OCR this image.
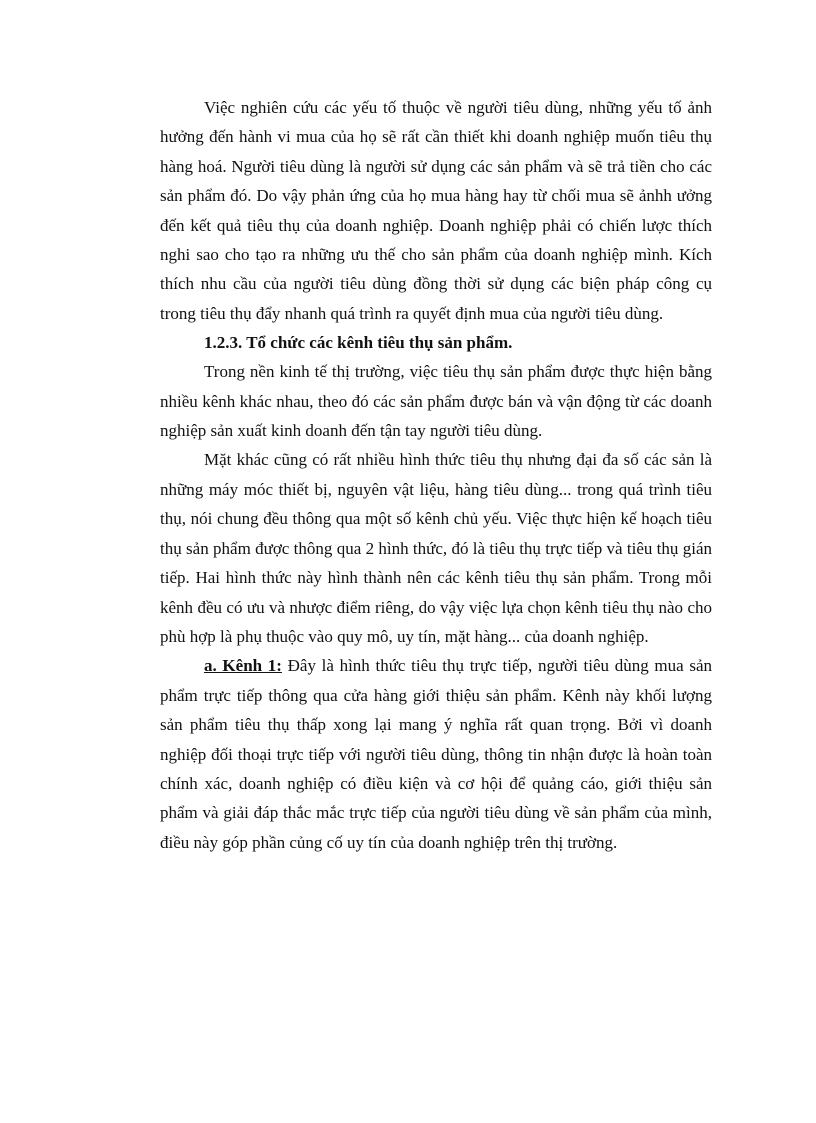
Việc nghiên cứu các yếu tố thuộc về người tiêu dùng, những yếu tố ảnh hưởng đến hành vi mua của họ sẽ rất cần thiết khi doanh nghiệp muốn tiêu thụ hàng hoá. Người tiêu dùng là người sử dụng các sản phẩm và sẽ trả tiền cho các sản phẩm đó. Do vậy phản ứng của họ mua hàng hay từ chối mua sẽ ảnhh ưởng đến kết quả tiêu thụ của doanh nghiệp. Doanh nghiệp phải có chiến lược thích nghi sao cho tạo ra những ưu thế cho sản phẩm của doanh nghiệp mình. Kích thích nhu cầu của người tiêu dùng đồng thời sử dụng các biện pháp công cụ trong tiêu thụ đẩy nhanh quá trình ra quyết định mua của người tiêu dùng.

1.2.3. Tổ chức các kênh tiêu thụ sản phẩm.

Trong nền kinh tế thị trường, việc tiêu thụ sản phẩm được thực hiện bằng nhiều kênh khác nhau, theo đó các sản phẩm được bán và vận động từ các doanh nghiệp sản xuất kinh doanh đến tận tay người tiêu dùng.

Mặt khác cũng có rất nhiều hình thức tiêu thụ nhưng đại đa số các sản là những máy móc thiết bị, nguyên vật liệu, hàng tiêu dùng... trong quá trình tiêu thụ, nói chung đều thông qua một số kênh chủ yếu. Việc thực hiện kế hoạch tiêu thụ sản phẩm được thông qua 2 hình thức, đó là tiêu thụ trực tiếp và tiêu thụ gián tiếp. Hai hình thức này hình thành nên các kênh tiêu thụ sản phẩm. Trong mỗi kênh đều có ưu và nhược điểm riêng, do vậy việc lựa chọn kênh tiêu thụ nào cho phù hợp là phụ thuộc vào quy mô, uy tín, mặt hàng... của doanh nghiệp.

a. Kênh 1: Đây là hình thức tiêu thụ trực tiếp, người tiêu dùng mua sản phẩm trực tiếp thông qua cửa hàng giới thiệu sản phẩm. Kênh này khối lượng sản phẩm tiêu thụ thấp xong lại mang ý nghĩa rất quan trọng. Bởi vì doanh nghiệp đối thoại trực tiếp với người tiêu dùng, thông tin nhận được là hoàn toàn chính xác, doanh nghiệp có điều kiện và cơ hội để quảng cáo, giới thiệu sản phẩm và giải đáp thắc mắc trực tiếp của người tiêu dùng về sản phẩm của mình, điều này góp phần củng cố uy tín của doanh nghiệp trên thị trường.
